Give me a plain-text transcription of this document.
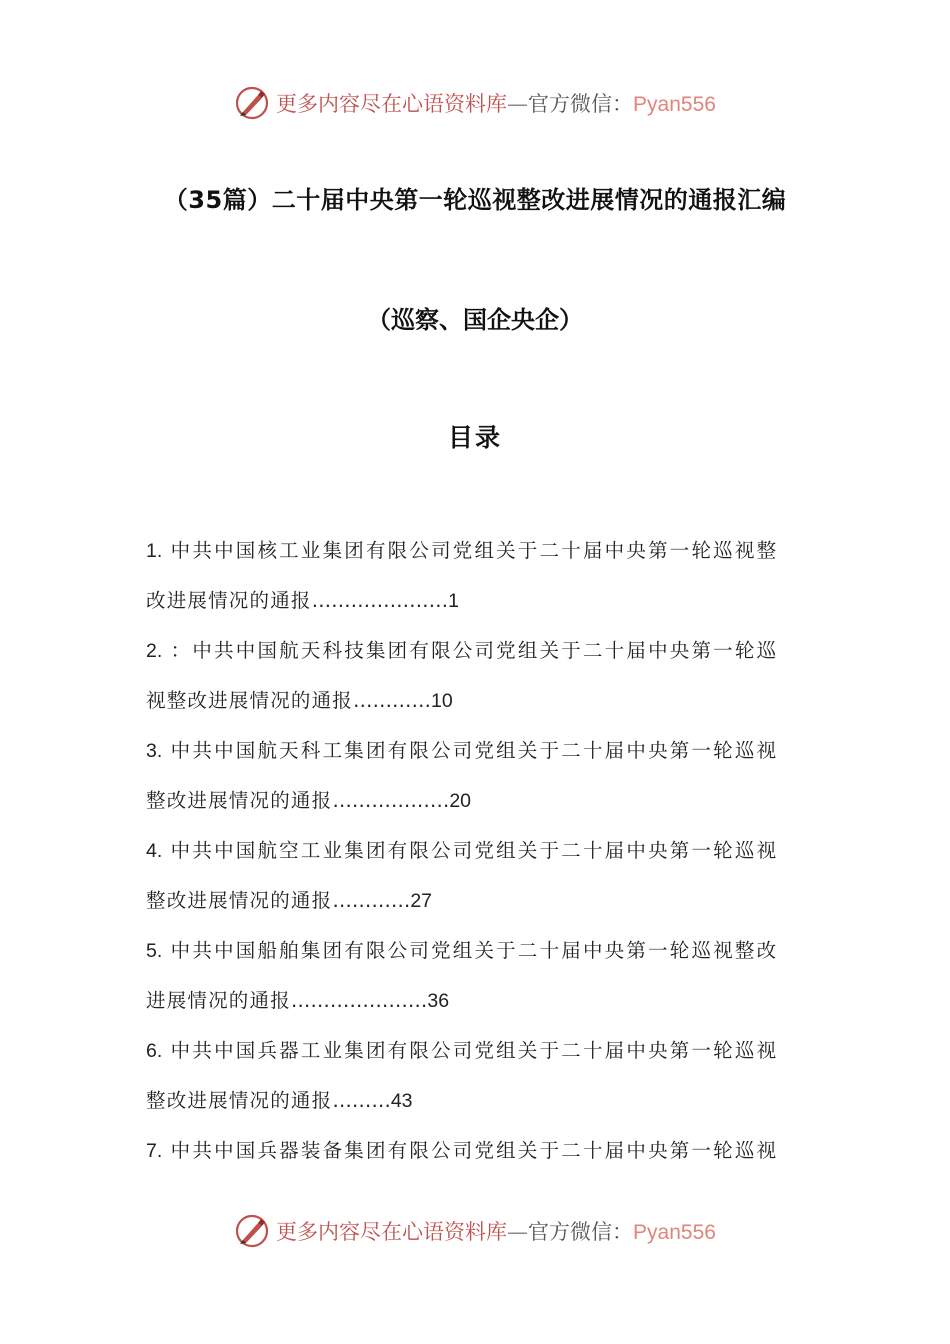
更多内容尽在心语资料库—官方微信：Pyan556
（35篇）二十届中央第一轮巡视整改进展情况的通报汇编
（巡察、国企央企）
目录
1. 中共中国核工业集团有限公司党组关于二十届中央第一轮巡视整
改进展情况的通报…………………1
2. ：中共中国航天科技集团有限公司党组关于二十届中央第一轮巡
视整改进展情况的通报…………10
3. 中共中国航天科工集团有限公司党组关于二十届中央第一轮巡视
整改进展情况的通报………………20
4. 中共中国航空工业集团有限公司党组关于二十届中央第一轮巡视
整改进展情况的通报…………27
5. 中共中国船舶集团有限公司党组关于二十届中央第一轮巡视整改
进展情况的通报…………………36
6. 中共中国兵器工业集团有限公司党组关于二十届中央第一轮巡视
整改进展情况的通报………43
7. 中共中国兵器装备集团有限公司党组关于二十届中央第一轮巡视
更多内容尽在心语资料库—官方微信：Pyan556
